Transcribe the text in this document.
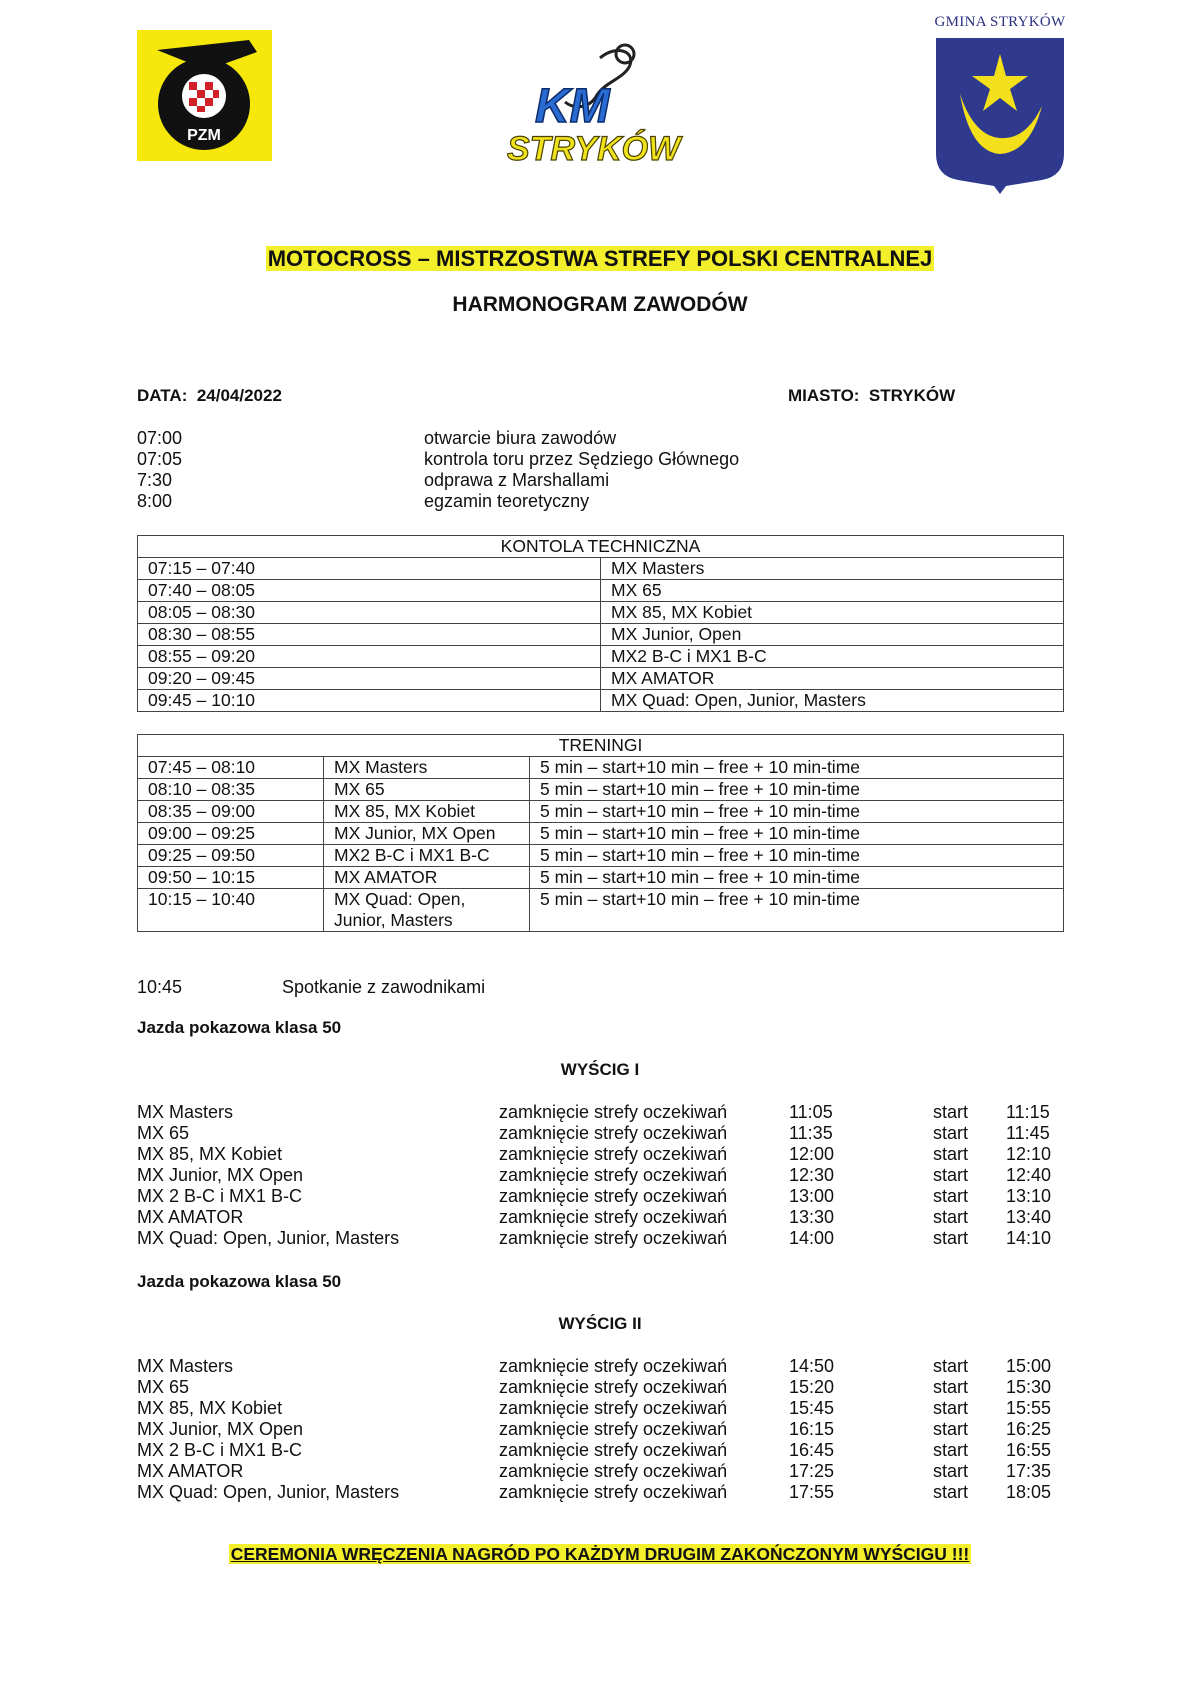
PZM
KM
STRYKÓW
GMINA STRYKÓW
MOTOCROSS – MISTRZOSTWA STREFY POLSKI CENTRALNEJ
HARMONOGRAM ZAWODÓW
DATA: 24/04/2022	MIASTO: STRYKÓW
07:00	otwarcie biura zawodów
07:05	kontrola toru przez Sędziego Głównego
7:30	odprawa z Marshallami
8:00	egzamin teoretyczny
KONTOLA TECHNICZNA	
07:15 – 07:40	MX Masters
07:40 – 08:05	MX 65
08:05 – 08:30	MX 85, MX Kobiet
08:30 – 08:55	MX Junior, Open
08:55 – 09:20	MX2 B-C i MX1 B-C
09:20 – 09:45	MX AMATOR
09:45 – 10:10	MX Quad: Open, Junior, Masters
TRENINGI		
07:45 – 08:10	MX Masters	5 min – start+10 min – free + 10 min-time
08:10 – 08:35	MX 65	5 min – start+10 min – free + 10 min-time
08:35 – 09:00	MX 85, MX Kobiet	5 min – start+10 min – free + 10 min-time
09:00 – 09:25	MX Junior, MX Open	5 min – start+10 min – free + 10 min-time
09:25 – 09:50	MX2 B-C i MX1 B-C	5 min – start+10 min – free + 10 min-time
09:50 – 10:15	MX AMATOR	5 min – start+10 min – free + 10 min-time
10:15 – 10:40	MX Quad: Open, Junior, Masters	5 min – start+10 min – free + 10 min-time
10:45	Spotkanie z zawodnikami
Jazda pokazowa klasa 50
WYŚCIG I
MX Masters	zamknięcie strefy oczekiwań	11:05	start 11:15
MX 65	zamknięcie strefy oczekiwań	11:35	start 11:45
MX 85, MX Kobiet	zamknięcie strefy oczekiwań	12:00	start 12:10
MX Junior, MX Open	zamknięcie strefy oczekiwań	12:30	start 12:40
MX 2 B-C i MX1 B-C	zamknięcie strefy oczekiwań	13:00	start 13:10
MX AMATOR	zamknięcie strefy oczekiwań	13:30	start 13:40
MX Quad: Open, Junior, Masters	zamknięcie strefy oczekiwań	14:00	start 14:10
Jazda pokazowa klasa 50
WYŚCIG II
MX Masters	zamknięcie strefy oczekiwań	14:50	start 15:00
MX 65	zamknięcie strefy oczekiwań	15:20	start 15:30
MX 85, MX Kobiet	zamknięcie strefy oczekiwań	15:45	start 15:55
MX Junior, MX Open	zamknięcie strefy oczekiwań	16:15	start 16:25
MX 2 B-C i MX1 B-C	zamknięcie strefy oczekiwań	16:45	start 16:55
MX AMATOR	zamknięcie strefy oczekiwań	17:25	start 17:35
MX Quad: Open, Junior, Masters	zamknięcie strefy oczekiwań	17:55	start 18:05
CEREMONIA WRĘCZENIA NAGRÓD PO KAŻDYM DRUGIM ZAKOŃCZONYM WYŚCIGU !!!
